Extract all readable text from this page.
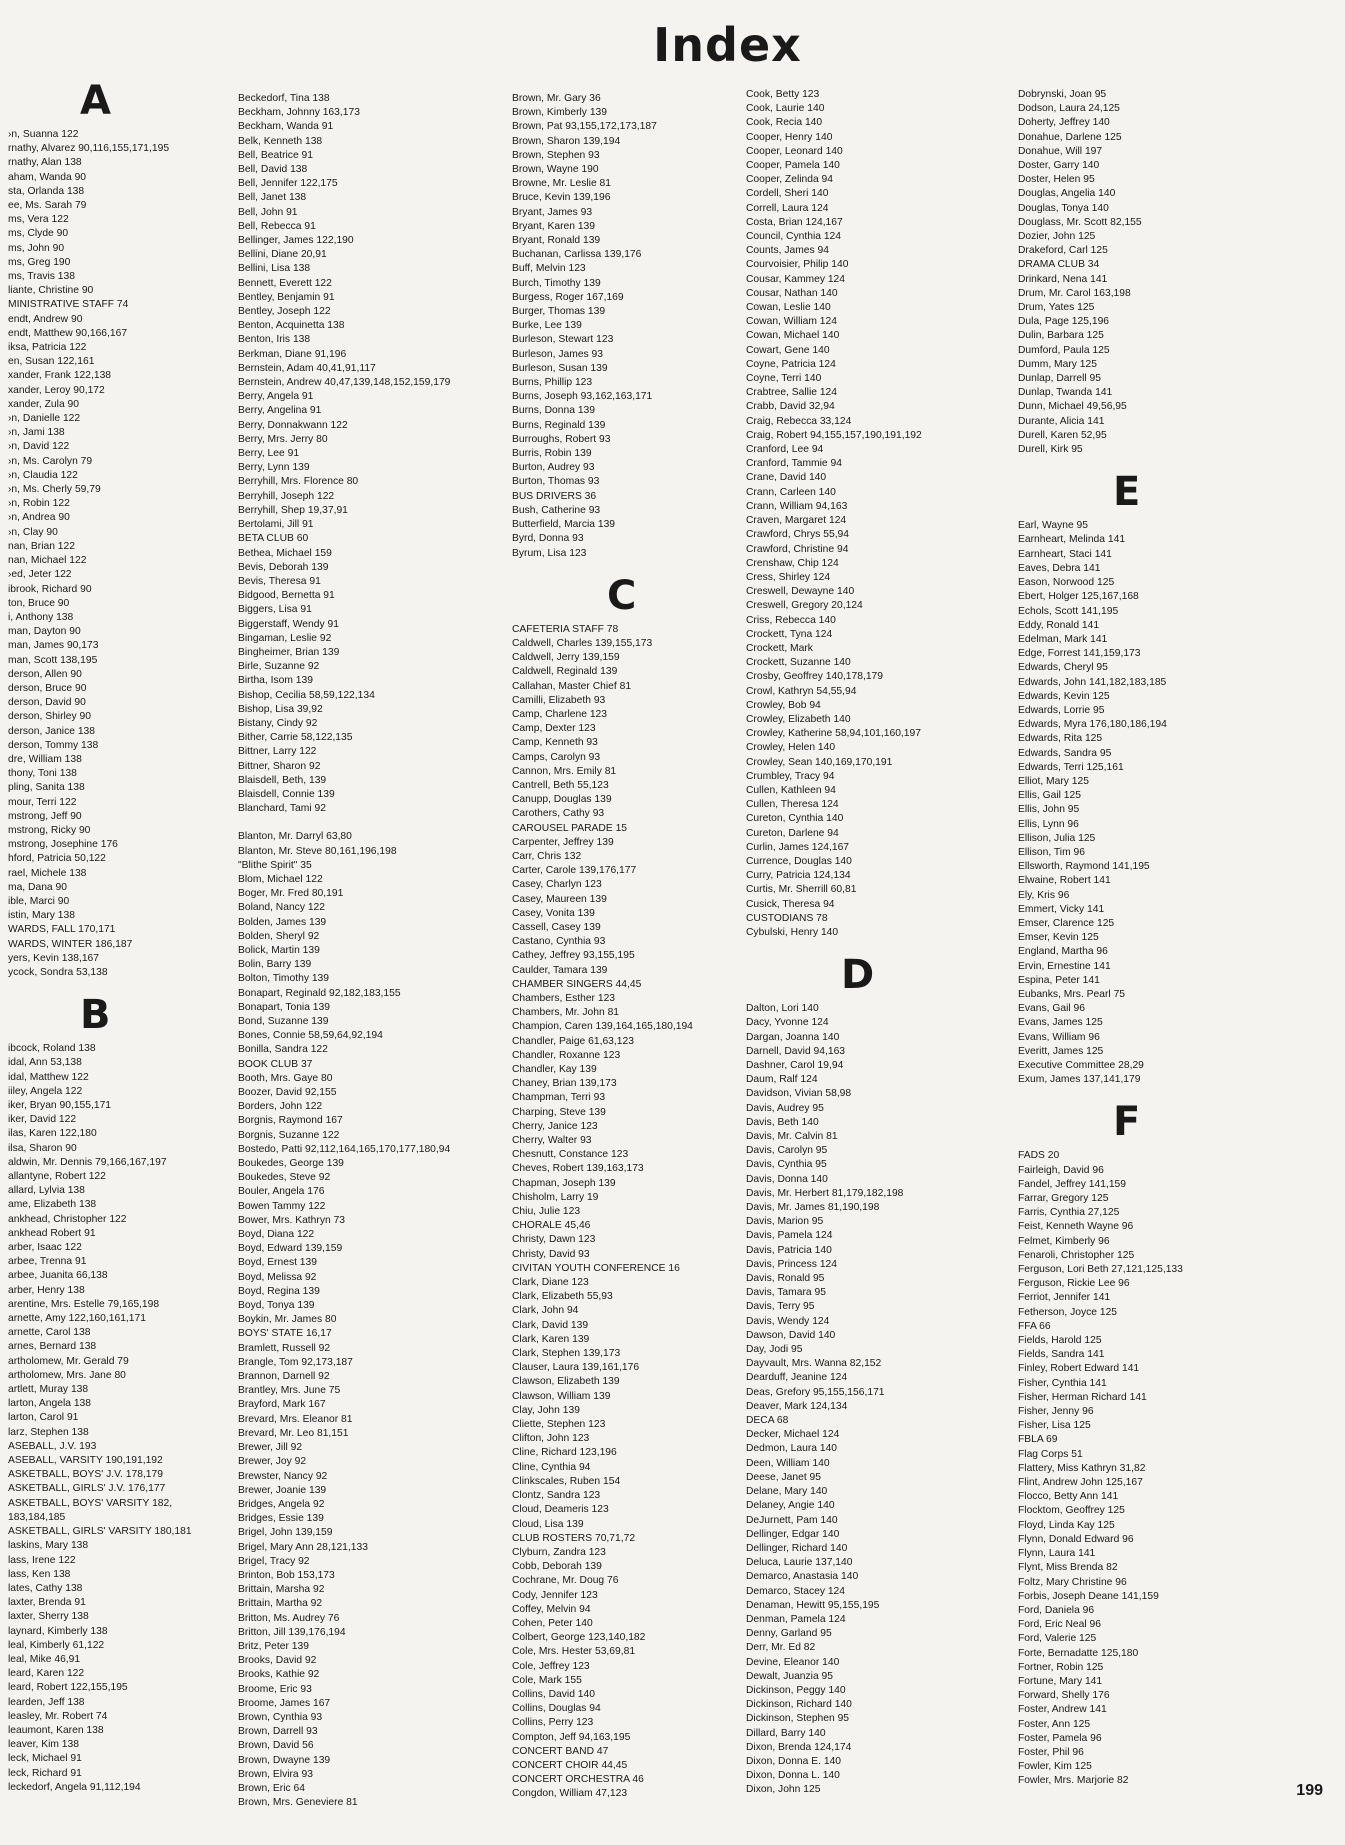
Index
A
›n, Suanna 122
rnathy, Alvarez 90,116,155,171,195
rnathy, Alan 138
aham, Wanda 90
sta, Orlanda 138
ee, Ms. Sarah 79
ms, Vera 122
ms, Clyde 90
ms, John 90
ms, Greg 190
ms, Travis 138
liante, Christine 90
MINISTRATIVE STAFF 74
endt, Andrew 90
endt, Matthew 90,166,167
iksa, Patricia 122
en, Susan 122,161
xander, Frank 122,138
xander, Leroy 90,172
xander, Zula 90
›n, Danielle 122
›n, Jami 138
›n, David 122
›n, Ms. Carolyn 79
›n, Claudia 122
›n, Ms. Cherly 59,79
›n, Robin 122
›n, Andrea 90
›n, Clay 90
nan, Brian 122
nan, Michael 122
›ed, Jeter 122
ibrook, Richard 90
ton, Bruce 90
i, Anthony 138
man, Dayton 90
man, James 90,173
man, Scott 138,195
derson, Allen 90
derson, Bruce 90
derson, David 90
derson, Shirley 90
derson, Janice 138
derson, Tommy 138
dre, William 138
thony, Toni 138
pling, Sanita 138
mour, Terri 122
mstrong, Jeff 90
mstrong, Ricky 90
mstrong, Josephine 176
hford, Patricia 50,122
rael, Michele 138
ma, Dana 90
ible, Marci 90
istin, Mary 138
WARDS, FALL 170,171
WARDS, WINTER 186,187
yers, Kevin 138,167
ycock, Sondra 53,138
B
ibcock, Roland 138
idal, Ann 53,138
idal, Matthew 122
iiley, Angela 122
iker, Bryan 90,155,171
iker, David 122
ilas, Karen 122,180
ilsa, Sharon 90
aldwin, Mr. Dennis 79,166,167,197
allantyne, Robert 122
allard, Lylvia 138
ame, Elizabeth 138
ankhead, Christopher 122
ankhead Robert 91
arber, Isaac 122
arbee, Trenna 91
arbee, Juanita 66,138
arber, Henry 138
arentine, Mrs. Estelle 79,165,198
arnette, Amy 122,160,161,171
arnette, Carol 138
arnes, Bernard 138
artholomew, Mr. Gerald 79
artholomew, Mrs. Jane 80
artlett, Muray 138
larton, Angela 138
larton, Carol 91
larz, Stephen 138
ASEBALL, J.V. 193
ASEBALL, VARSITY 190,191,192
ASKETBALL, BOYS' J.V. 178,179
ASKETBALL, GIRLS' J.V. 176,177
ASKETBALL, BOYS' VARSITY 182,
183,184,185
ASKETBALL, GIRLS' VARSITY 180,181
laskins, Mary 138
lass, Irene 122
lass, Ken 138
lates, Cathy 138
laxter, Brenda 91
laxter, Sherry 138
laynard, Kimberly 138
leal, Kimberly 61,122
leal, Mike 46,91
leard, Karen 122
leard, Robert 122,155,195
learden, Jeff 138
leasley, Mr. Robert 74
leaumont, Karen 138
leaver, Kim 138
leck, Michael 91
leck, Richard 91
leckedorf, Angela 91,112,194
Beckedorf, Tina 138
Beckham, Johnny 163,173
Beckham, Wanda 91
Belk, Kenneth 138
Bell, Beatrice 91
Bell, David 138
Bell, Jennifer 122,175
Bell, Janet 138
Bell, John 91
Bell, Rebecca 91
Bellinger, James 122,190
Bellini, Diane 20,91
Bellini, Lisa 138
Bennett, Everett 122
Bentley, Benjamin 91
Bentley, Joseph 122
Benton, Acquinetta 138
Benton, Iris 138
Berkman, Diane 91,196
Bernstein, Adam 40,41,91,117
Bernstein, Andrew 40,47,139,148,152,159,179
Berry, Angela 91
Berry, Angelina 91
Berry, Donnakwann 122
Berry, Mrs. Jerry 80
Berry, Lee 91
Berry, Lynn 139
Berryhill, Mrs. Florence 80
Berryhill, Joseph 122
Berryhill, Shep 19,37,91
Bertolami, Jill 91
BETA CLUB 60
Bethea, Michael 159
Bevis, Deborah 139
Bevis, Theresa 91
Bidgood, Bernetta 91
Biggers, Lisa 91
Biggerstaff, Wendy 91
Bingaman, Leslie 92
Bingheimer, Brian 139
Birle, Suzanne 92
Birtha, Isom 139
Bishop, Cecilia 58,59,122,134
Bishop, Lisa 39,92
Bistany, Cindy 92
Bither, Carrie 58,122,135
Bittner, Larry 122
Bittner, Sharon 92
Blaisdell, Beth, 139
Blaisdell, Connie 139
Blanchard, Tami 92
Blanton, Mr. Darryl 63,80
Blanton, Mr. Steve 80,161,196,198
"Blithe Spirit" 35
Blom, Michael 122
Boger, Mr. Fred 80,191
Boland, Nancy 122
Bolden, James 139
Bolden, Sheryl 92
Bolick, Martin 139
Bolin, Barry 139
Bolton, Timothy 139
Bonapart, Reginald 92,182,183,155
Bonapart, Tonia 139
Bond, Suzanne 139
Bones, Connie 58,59,64,92,194
Bonilla, Sandra 122
BOOK CLUB 37
Booth, Mrs. Gaye 80
Boozer, David 92,155
Borders, John 122
Borgnis, Raymond 167
Borgnis, Suzanne 122
Bostedo, Patti 92,112,164,165,170,177,180,94
Boukedes, George 139
Boukedes, Steve 92
Bouler, Angela 176
Bowen Tammy 122
Bower, Mrs. Kathryn 73
Boyd, Diana 122
Boyd, Edward 139,159
Boyd, Ernest 139
Boyd, Melissa 92
Boyd, Regina 139
Boyd, Tonya 139
Boykin, Mr. James 80
BOYS' STATE 16,17
Bramlett, Russell 92
Brangle, Tom 92,173,187
Brannon, Darnell 92
Brantley, Mrs. June 75
Brayford, Mark 167
Brevard, Mrs. Eleanor 81
Brevard, Mr. Leo 81,151
Brewer, Jill 92
Brewer, Joy 92
Brewster, Nancy 92
Brewer, Joanie 139
Bridges, Angela 92
Bridges, Essie 139
Brigel, John 139,159
Brigel, Mary Ann 28,121,133
Brigel, Tracy 92
Brinton, Bob 153,173
Brittain, Marsha 92
Brittain, Martha 92
Britton, Ms. Audrey 76
Britton, Jill 139,176,194
Britz, Peter 139
Brooks, David 92
Brooks, Kathie 92
Broome, Eric 93
Broome, James 167
Brown, Cynthia 93
Brown, Darrell 93
Brown, David 56
Brown, Dwayne 139
Brown, Elvira 93
Brown, Eric 64
Brown, Mrs. Geneviere 81
Brown, Mr. Gary 36
Brown, Kimberly 139
Brown, Pat 93,155,172,173,187
Brown, Sharon 139,194
Brown, Stephen 93
Brown, Wayne 190
Browne, Mr. Leslie 81
Bruce, Kevin 139,196
Bryant, James 93
Bryant, Karen 139
Bryant, Ronald 139
Buchanan, Carlissa 139,176
Buff, Melvin 123
Burch, Timothy 139
Burgess, Roger 167,169
Burger, Thomas 139
Burke, Lee 139
Burleson, Stewart 123
Burleson, James 93
Burleson, Susan 139
Burns, Phillip 123
Burns, Joseph 93,162,163,171
Burns, Donna 139
Burns, Reginald 139
Burroughs, Robert 93
Burris, Robin 139
Burton, Audrey 93
Burton, Thomas 93
BUS DRIVERS 36
Bush, Catherine 93
Butterfield, Marcia 139
Byrd, Donna 93
Byrum, Lisa 123
C
CAFETERIA STAFF 78
Caldwell, Charles 139,155,173
Caldwell, Jerry 139,159
Caldwell, Reginald 139
Callahan, Master Chief 81
Camilli, Elizabeth 93
Camp, Charlene 123
Camp, Dexter 123
Camp, Kenneth 93
Camps, Carolyn 93
Cannon, Mrs. Emily 81
Cantrell, Beth 55,123
Canupp, Douglas 139
Carothers, Cathy 93
CAROUSEL PARADE 15
Carpenter, Jeffrey 139
Carr, Chris 132
Carter, Carole 139,176,177
Casey, Charlyn 123
Casey, Maureen 139
Casey, Vonita 139
Cassell, Casey 139
Castano, Cynthia 93
Cathey, Jeffrey 93,155,195
Caulder, Tamara 139
CHAMBER SINGERS 44,45
Chambers, Esther 123
Chambers, Mr. John 81
Champion, Caren 139,164,165,180,194
Chandler, Paige 61,63,123
Chandler, Roxanne 123
Chandler, Kay 139
Chaney, Brian 139,173
Champman, Terri 93
Charping, Steve 139
Cherry, Janice 123
Cherry, Walter 93
Chesnutt, Constance 123
Cheves, Robert 139,163,173
Chapman, Joseph 139
Chisholm, Larry 19
Chiu, Julie 123
CHORALE 45,46
Christy, Dawn 123
Christy, David 93
CIVITAN YOUTH CONFERENCE 16
Clark, Diane 123
Clark, Elizabeth 55,93
Clark, John 94
Clark, David 139
Clark, Karen 139
Clark, Stephen 139,173
Clauser, Laura 139,161,176
Clawson, Elizabeth 139
Clawson, William 139
Clay, John 139
Cliette, Stephen 123
Clifton, John 123
Cline, Richard 123,196
Cline, Cynthia 94
Clinkscales, Ruben 154
Clontz, Sandra 123
Cloud, Deameris 123
Cloud, Lisa 139
CLUB ROSTERS 70,71,72
Clyburn, Zandra 123
Cobb, Deborah 139
Cochrane, Mr. Doug 76
Cody, Jennifer 123
Coffey, Melvin 94
Cohen, Peter 140
Colbert, George 123,140,182
Cole, Mrs. Hester 53,69,81
Cole, Jeffrey 123
Cole, Mark 155
Collins, David 140
Collins, Douglas 94
Collins, Perry 123
Compton, Jeff 94,163,195
CONCERT BAND 47
CONCERT CHOIR 44,45
CONCERT ORCHESTRA 46
Congdon, William 47,123
Cook, Betty 123
Cook, Laurie 140
Cook, Recia 140
Cooper, Henry 140
Cooper, Leonard 140
Cooper, Pamela 140
Cooper, Zelinda 94
Cordell, Sheri 140
Correll, Laura 124
Costa, Brian 124,167
Council, Cynthia 124
Counts, James 94
Courvoisier, Philip 140
Cousar, Kammey 124
Cousar, Nathan 140
Cowan, Leslie 140
Cowan, William 124
Cowan, Michael 140
Cowart, Gene 140
Coyne, Patricia 124
Coyne, Terri 140
Crabtree, Sallie 124
Crabb, David 32,94
Craig, Rebecca 33,124
Craig, Robert 94,155,157,190,191,192
Cranford, Lee 94
Cranford, Tammie 94
Crane, David 140
Crann, Carleen 140
Crann, William 94,163
Craven, Margaret 124
Crawford, Chrys 55,94
Crawford, Christine 94
Crenshaw, Chip 124
Cress, Shirley 124
Creswell, Dewayne 140
Creswell, Gregory 20,124
Criss, Rebecca 140
Crockett, Tyna 124
Crockett, Mark
Crockett, Suzanne 140
Crosby, Geoffrey 140,178,179
Crowl, Kathryn 54,55,94
Crowley, Bob 94
Crowley, Elizabeth 140
Crowley, Katherine 58,94,101,160,197
Crowley, Helen 140
Crowley, Sean 140,169,170,191
Crumbley, Tracy 94
Cullen, Kathleen 94
Cullen, Theresa 124
Cureton, Cynthia 140
Cureton, Darlene 94
Curlin, James 124,167
Currence, Douglas 140
Curry, Patricia 124,134
Curtis, Mr. Sherrill 60,81
Cusick, Theresa 94
CUSTODIANS 78
Cybulski, Henry 140
D
Dalton, Lori 140
Dacy, Yvonne 124
Dargan, Joanna 140
Darnell, David 94,163
Dashner, Carol 19,94
Daum, Ralf 124
Davidson, Vivian 58,98
Davis, Audrey 95
Davis, Beth 140
Davis, Mr. Calvin 81
Davis, Carolyn 95
Davis, Cynthia 95
Davis, Donna 140
Davis, Mr. Herbert 81,179,182,198
Davis, Mr. James 81,190,198
Davis, Marion 95
Davis, Pamela 124
Davis, Patricia 140
Davis, Princess 124
Davis, Ronald 95
Davis, Tamara 95
Davis, Terry 95
Davis, Wendy 124
Dawson, David 140
Day, Jodi 95
Dayvault, Mrs. Wanna 82,152
Dearduff, Jeanine 124
Deas, Grefory 95,155,156,171
Deaver, Mark 124,134
DECA 68
Decker, Michael 124
Dedmon, Laura 140
Deen, William 140
Deese, Janet 95
Delane, Mary 140
Delaney, Angie 140
DeJurnett, Pam 140
Dellinger, Edgar 140
Dellinger, Richard 140
Deluca, Laurie 137,140
Demarco, Anastasia 140
Demarco, Stacey 124
Denaman, Hewitt 95,155,195
Denman, Pamela 124
Denny, Garland 95
Derr, Mr. Ed 82
Devine, Eleanor 140
Dewalt, Juanzia 95
Dickinson, Peggy 140
Dickinson, Richard 140
Dickinson, Stephen 95
Dillard, Barry 140
Dixon, Brenda 124,174
Dixon, Donna E. 140
Dixon, Donna L. 140
Dixon, John 125
Dobrynski, Joan 95
Dodson, Laura 24,125
Doherty, Jeffrey 140
Donahue, Darlene 125
Donahue, Will 197
Doster, Garry 140
Doster, Helen 95
Douglas, Angelia 140
Douglas, Tonya 140
Douglass, Mr. Scott 82,155
Dozier, John 125
Drakeford, Carl 125
DRAMA CLUB 34
Drinkard, Nena 141
Drum, Mr. Carol 163,198
Drum, Yates 125
Dula, Page 125,196
Dulin, Barbara 125
Dumford, Paula 125
Dumm, Mary 125
Dunlap, Darrell 95
Dunlap, Twanda 141
Dunn, Michael 49,56,95
Durante, Alicia 141
Durell, Karen 52,95
Durell, Kirk 95
E
Earl, Wayne 95
Earnheart, Melinda 141
Earnheart, Staci 141
Eaves, Debra 141
Eason, Norwood 125
Ebert, Holger 125,167,168
Echols, Scott 141,195
Eddy, Ronald 141
Edelman, Mark 141
Edge, Forrest 141,159,173
Edwards, Cheryl 95
Edwards, John 141,182,183,185
Edwards, Kevin 125
Edwards, Lorrie 95
Edwards, Myra 176,180,186,194
Edwards, Rita 125
Edwards, Sandra 95
Edwards, Terri 125,161
Elliot, Mary 125
Ellis, Gail 125
Ellis, John 95
Ellis, Lynn 96
Ellison, Julia 125
Ellison, Tim 96
Ellsworth, Raymond 141,195
Elwaine, Robert 141
Ely, Kris 96
Emmert, Vicky 141
Emser, Clarence 125
Emser, Kevin 125
England, Martha 96
Ervin, Ernestine 141
Espina, Peter 141
Eubanks, Mrs. Pearl 75
Evans, Gail 96
Evans, James 125
Evans, William 96
Everitt, James 125
Executive Committee 28,29
Exum, James 137,141,179
F
FADS 20
Fairleigh, David 96
Fandel, Jeffrey 141,159
Farrar, Gregory 125
Farris, Cynthia 27,125
Feist, Kenneth Wayne 96
Felmet, Kimberly 96
Fenaroli, Christopher 125
Ferguson, Lori Beth 27,121,125,133
Ferguson, Rickie Lee 96
Ferriot, Jennifer 141
Fetherson, Joyce 125
FFA 66
Fields, Harold 125
Fields, Sandra 141
Finley, Robert Edward 141
Fisher, Cynthia 141
Fisher, Herman Richard 141
Fisher, Jenny 96
Fisher, Lisa 125
FBLA 69
Flag Corps 51
Flattery, Miss Kathryn 31,82
Flint, Andrew John 125,167
Flocco, Betty Ann 141
Flocktom, Geoffrey 125
Floyd, Linda Kay 125
Flynn, Donald Edward 96
Flynn, Laura 141
Flynt, Miss Brenda 82
Foltz, Mary Christine 96
Forbis, Joseph Deane 141,159
Ford, Daniela 96
Ford, Eric Neal 96
Ford, Valerie 125
Forte, Bernadatte 125,180
Fortner, Robin 125
Fortune, Mary 141
Forward, Shelly 176
Foster, Andrew 141
Foster, Ann 125
Foster, Pamela 96
Foster, Phil 96
Fowler, Kim 125
Fowler, Mrs. Marjorie 82
199
